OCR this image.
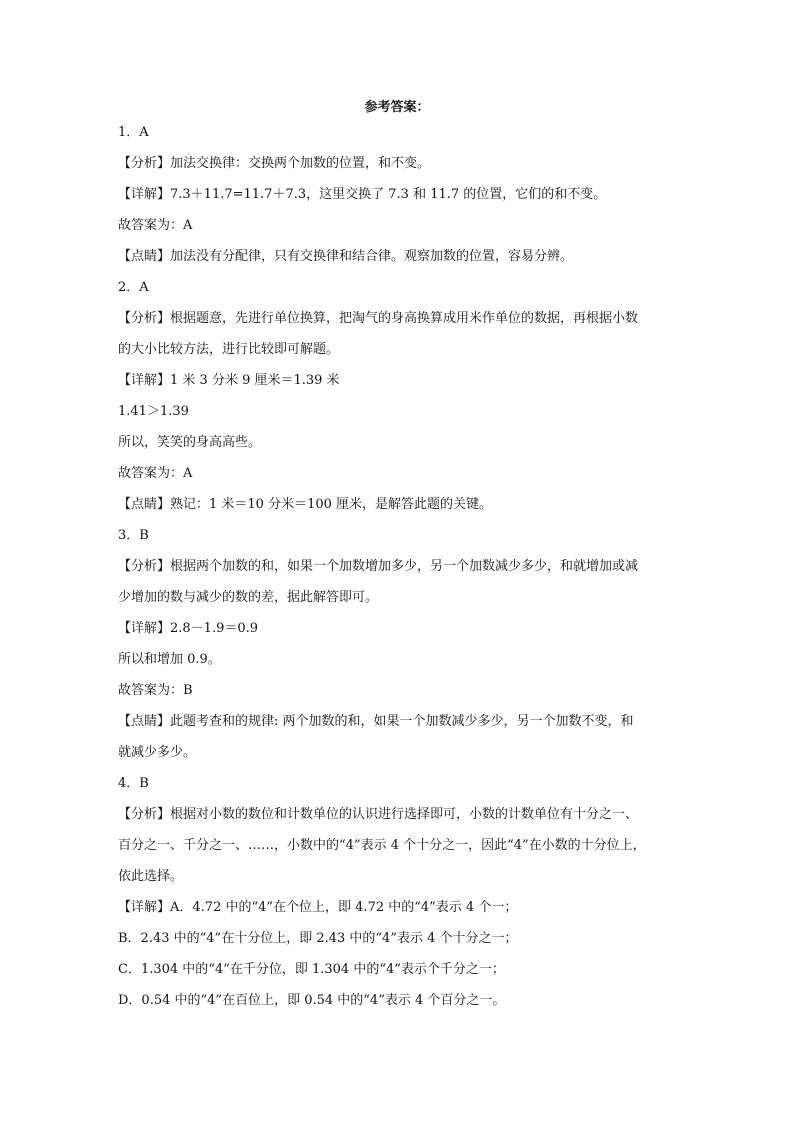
参考答案：
1．A
【分析】加法交换律：交换两个加数的位置，和不变。
【详解】7.3＋11.7=11.7＋7.3，这里交换了 7.3 和 11.7 的位置，它们的和不变。
故答案为：A
【点睛】加法没有分配律，只有交换律和结合律。观察加数的位置，容易分辨。
2．A
【分析】根据题意，先进行单位换算，把淘气的身高换算成用米作单位的数据，再根据小数
的大小比较方法，进行比较即可解题。
【详解】1 米 3 分米 9 厘米＝1.39 米
1.41＞1.39
所以，笑笑的身高高些。
故答案为：A
【点睛】熟记：1 米＝10 分米＝100 厘米，是解答此题的关键。
3．B
【分析】根据两个加数的和，如果一个加数增加多少，另一个加数减少多少，和就增加或减
少增加的数与减少的数的差，据此解答即可。
【详解】2.8－1.9＝0.9
所以和增加 0.9。
故答案为：B
【点睛】此题考查和的规律: 两个加数的和，如果一个加数减少多少，另一个加数不变，和
就减少多少。
4．B
【分析】根据对小数的数位和计数单位的认识进行选择即可，小数的计数单位有十分之一、
百分之一、千分之一、……，小数中的“4”表示 4 个十分之一，因此“4”在小数的十分位上，
依此选择。
【详解】A．4.72 中的“4”在个位上，即 4.72 中的“4”表示 4 个一；
B．2.43 中的“4”在十分位上，即 2.43 中的“4”表示 4 个十分之一；
C．1.304 中的“4”在千分位，即 1.304 中的“4”表示个千分之一；
D．0.54 中的“4”在百位上，即 0.54 中的“4”表示 4 个百分之一。
